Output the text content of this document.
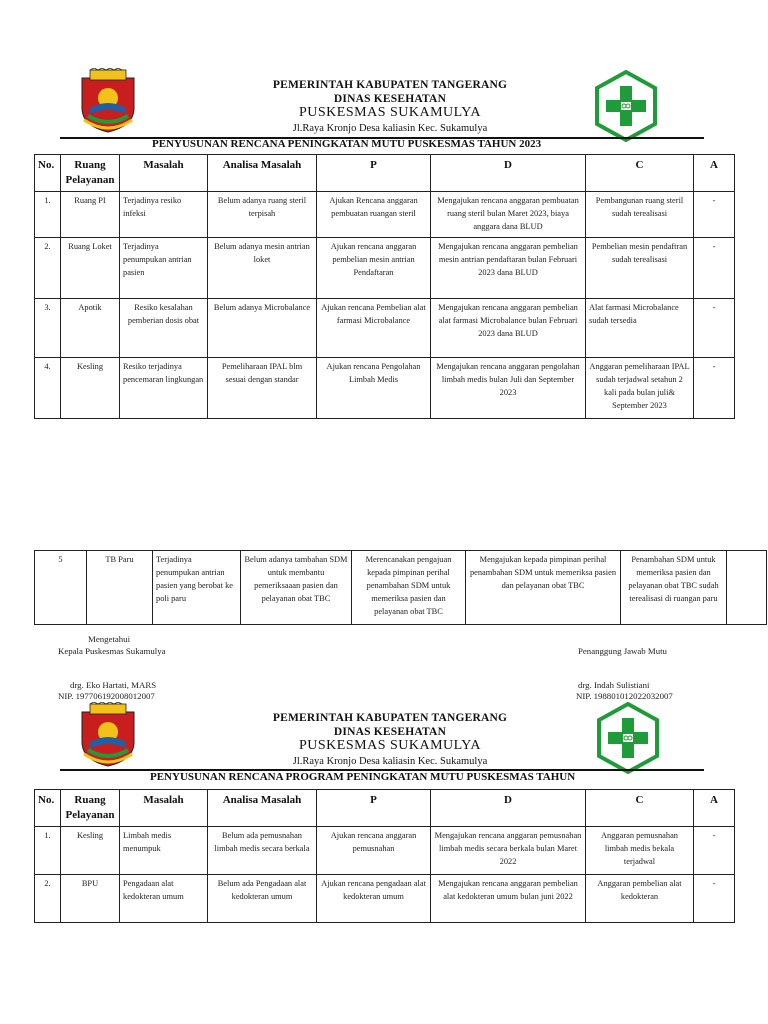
PEMERINTAH KABUPATEN TANGERANG
DINAS KESEHATAN
PUSKESMAS SUKAMULYA
Jl.Raya Kronjo Desa kaliasin Kec. Sukamulya
PENYUSUNAN RENCANA PENINGKATAN MUTU PUSKESMAS TAHUN 2023
No.	Ruang Pelayanan	Masalah	Analisa Masalah	P	D	C	A
1.	Ruang PI	Terjadinya resiko infeksi	Belum adanya ruang steril terpisah	Ajukan Rencana anggaran pembuatan ruangan steril	Mengajukan rencana anggaran pembuatan ruang steril bulan Maret 2023, biaya anggara dana BLUD	Pembangunan ruang steril sudah terealisasi	-
2.	Ruang Loket	Terjadinya penumpukan antrian pasien	Belum adanya mesin antrian loket	Ajukan rencana anggaran pembelian mesin antrian Pendaftaran	Mengajukan rencana anggaran pembelian mesin antrian pendaftaran bulan Februari 2023 dana BLUD	Pembelian mesin pendaftran sudah terealisasi	-
3.	Apotik	Resiko kesalahan pemberian dosis obat	Belum adanya Microbalance	Ajukan rencana Pembelian alat farmasi Microbalance	Mengajukan rencana anggaran pembelian alat farmasi Microbalance bulan Februari 2023 dana BLUD	Alat farmasi Microbalance sudah tersedia	-
4.	Kesling	Resiko terjadinya pencemaran lingkungan	Pemeliharaan IPAL blm sesuai dengan standar	Ajukan rencana Pengolahan Limbah Medis	Mengajukan rencana anggaran pengolahan limbah medis bulan Juli dan September 2023	Anggaran pemeliharaan IPAL sudah terjadwal setahun 2 kali pada bulan juli& September 2023	-
5	TB Paru	Terjadinya penumpukan antrian pasien yang berobat ke poli paru	Belum adanya tambahan SDM untuk membantu pemeriksaaan pasien dan pelayanan obat TBC	Merencanakan pengajuan kepada pimpinan perihal penambahan SDM untuk memeriksa pasien dan pelayanan obat TBC	Mengajukan kepada pimpinan perihal penambahan SDM untuk memeriksa pasien dan pelayanan obat TBC	Penambahan SDM untuk memeriksa pasien dan pelayanan obat TBC sudah terealisasi di ruangan paru	
Mengetahui
Kepala Puskesmas Sukamulya
drg. Eko Hartati, MARS
NIP. 197706192008012007
Penanggung Jawab Mutu
drg. Indah Sulistiani
NIP. 198801012022032007
PEMERINTAH KABUPATEN TANGERANG
DINAS KESEHATAN
PUSKESMAS SUKAMULYA
Jl.Raya Kronjo Desa kaliasin Kec. Sukamulya
PENYUSUNAN RENCANA PROGRAM PENINGKATAN MUTU PUSKESMAS TAHUN
No.	Ruang Pelayanan	Masalah	Analisa Masalah	P	D	C	A
1.	Kesling	Limbah medis menumpuk	Belum ada pemusnahan limbah medis secara berkala	Ajukan rencana anggaran pemusnahan	Mengajukan rencana anggaran pemusnahan limbah medis secara berkala bulan Maret 2022	Anggaran pemusnahan limbah medis bekala terjadwal	-
2.	BPU	Pengadaan alat kedokteran umum	Belum ada Pengadaan alat kedokteran umum	Ajukan rencana pengadaan alat kedokteran umum	Mengajukan rencana anggaran pembelian alat kedokteran umum bulan juni 2022	Anggaran pembelian alat kedokteran	-
